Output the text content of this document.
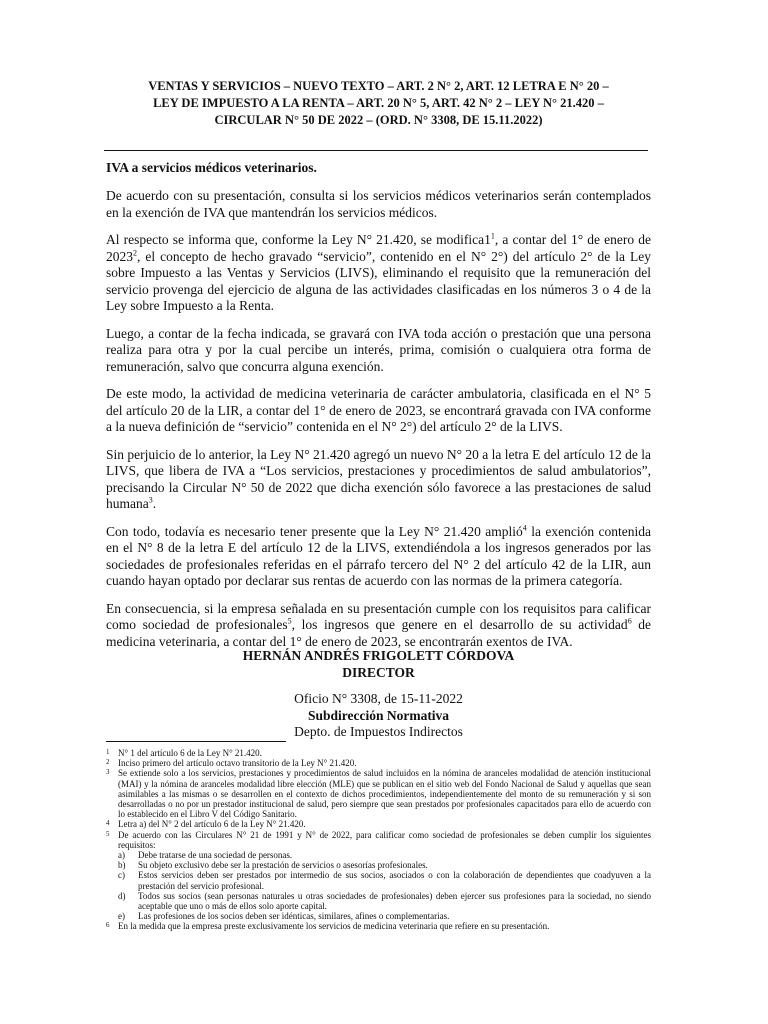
VENTAS Y SERVICIOS – NUEVO TEXTO – ART. 2 N° 2, ART. 12 LETRA E N° 20 –
LEY DE IMPUESTO A LA RENTA – ART. 20 N° 5, ART. 42 N° 2 – LEY N° 21.420 –
CIRCULAR N° 50 DE 2022 – (ORD. N° 3308, DE 15.11.2022)
IVA a servicios médicos veterinarios.

De acuerdo con su presentación, consulta si los servicios médicos veterinarios serán contemplados en la exención de IVA que mantendrán los servicios médicos.

Al respecto se informa que, conforme la Ley N° 21.420, se $modifica1^1$, a contar del 1° de enero de 2023$^2$, el concepto de hecho gravado “servicio”, contenido en el N° 2°) del artículo 2° de la Ley sobre Impuesto a las Ventas y Servicios (LIVS), eliminando el requisito que la remuneración del servicio provenga del ejercicio de alguna de las actividades clasificadas en los números 3 o 4 de la Ley sobre Impuesto a la Renta.

Luego, a contar de la fecha indicada, se gravará con IVA toda acción o prestación que una persona realiza para otra y por la cual percibe un interés, prima, comisión o cualquiera otra forma de remuneración, salvo que concurra alguna exención.

De este modo, la actividad de medicina veterinaria de carácter ambulatoria, clasificada en el N° 5 del artículo 20 de la LIR, a contar del 1° de enero de 2023, se encontrará gravada con IVA conforme a la nueva definición de “servicio” contenida en el N° 2°) del artículo 2° de la LIVS.

Sin perjuicio de lo anterior, la Ley N° 21.420 agregó un nuevo N° 20 a la letra E del artículo 12 de la LIVS, que libera de IVA a “Los servicios, prestaciones y procedimientos de salud ambulatorios”, precisando la Circular N° 50 de 2022 que dicha exención sólo favorece a las prestaciones de salud humana$^3$.

Con todo, todavía es necesario tener presente que la Ley N° 21.420 amplió$^4$ la exención contenida en el N° 8 de la letra E del artículo 12 de la LIVS, extendiéndola a los ingresos generados por las sociedades de profesionales referidas en el párrafo tercero del N° 2 del artículo 42 de la LIR, aun cuando hayan optado por declarar sus rentas de acuerdo con las normas de la primera categoría.

En consecuencia, si la empresa señalada en su presentación cumple con los requisitos para calificar como sociedad de profesionales$^5$, los ingresos que genere en el desarrollo de su actividad$^6$ de medicina veterinaria, a contar del 1° de enero de 2023, se encontrarán exentos de IVA.

HERNÁN ANDRÉS FRIGOLETT CÓRDOVA
DIRECTOR
Oficio N° 3308, de 15-11-2022
Subdirección Normativa
Depto. de Impuestos Indirectos
1 N° 1 del artículo 6 de la Ley N° 21.420.
2 Inciso primero del artículo octavo transitorio de la Ley N° 21.420.
3 Se extiende solo a los servicios, prestaciones y procedimientos de salud incluidos en la nómina de aranceles modalidad de atención institucional (MAI) y la nómina de aranceles modalidad libre elección (MLE) que se publican en el sitio web del Fondo Nacional de Salud y aquellas que sean asimilables a las mismas o se desarrollen en el contexto de dichos procedimientos, independientemente del monto de su remuneración y si son desarrolladas o no por un prestador institucional de salud, pero siempre que sean prestados por profesionales capacitados para ello de acuerdo con lo establecido en el Libro V del Código Sanitario.
4 Letra a) del N° 2 del artículo 6 de la Ley N° 21.420.
5 De acuerdo con las Circulares N° 21 de 1991 y N° de 2022, para calificar como sociedad de profesionales se deben cumplir los siguientes requisitos:
a) Debe tratarse de una sociedad de personas.
b) Su objeto exclusivo debe ser la prestación de servicios o asesorías profesionales.
c) Estos servicios deben ser prestados por intermedio de sus socios, asociados o con la colaboración de dependientes que coadyuven a la prestación del servicio profesional.
d) Todos sus socios (sean personas naturales u otras sociedades de profesionales) deben ejercer sus profesiones para la sociedad, no siendo aceptable que uno o más de ellos solo aporte capital.
e) Las profesiones de los socios deben ser idénticas, similares, afines o complementarias.
6 En la medida que la empresa preste exclusivamente los servicios de medicina veterinaria que refiere en su presentación.
